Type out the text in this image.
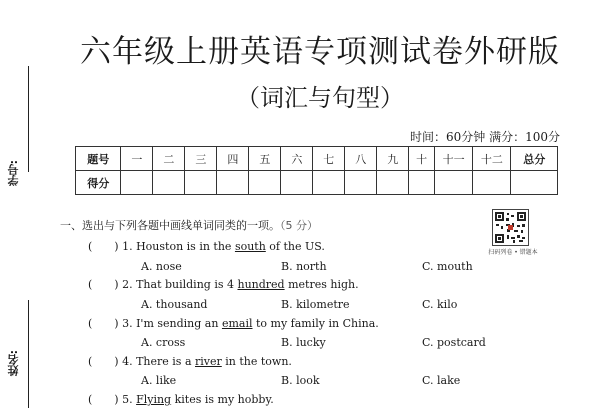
学号:
姓名:
六年级上册英语专项测试卷外研版
（词汇与句型）
时间：60分钟 满分：100分
题号	一	二	三	四	五	六	七	八	九	十	十一	十二	总分
得分													
一、选出与下列各题中画线单词同类的一项。（5 分）
扫码列卷 • 错题本
( ) 1. Houston is in the south of the US.
A. nose	B. north	C. mouth
( ) 2. That building is 4 hundred metres high.
A. thousand	B. kilometre	C. kilo
( ) 3. I'm sending an email to my family in China.
A. cross	B. lucky	C. postcard
( ) 4. There is a river in the town.
A. like	B. look	C. lake
( ) 5. Flying kites is my hobby.
